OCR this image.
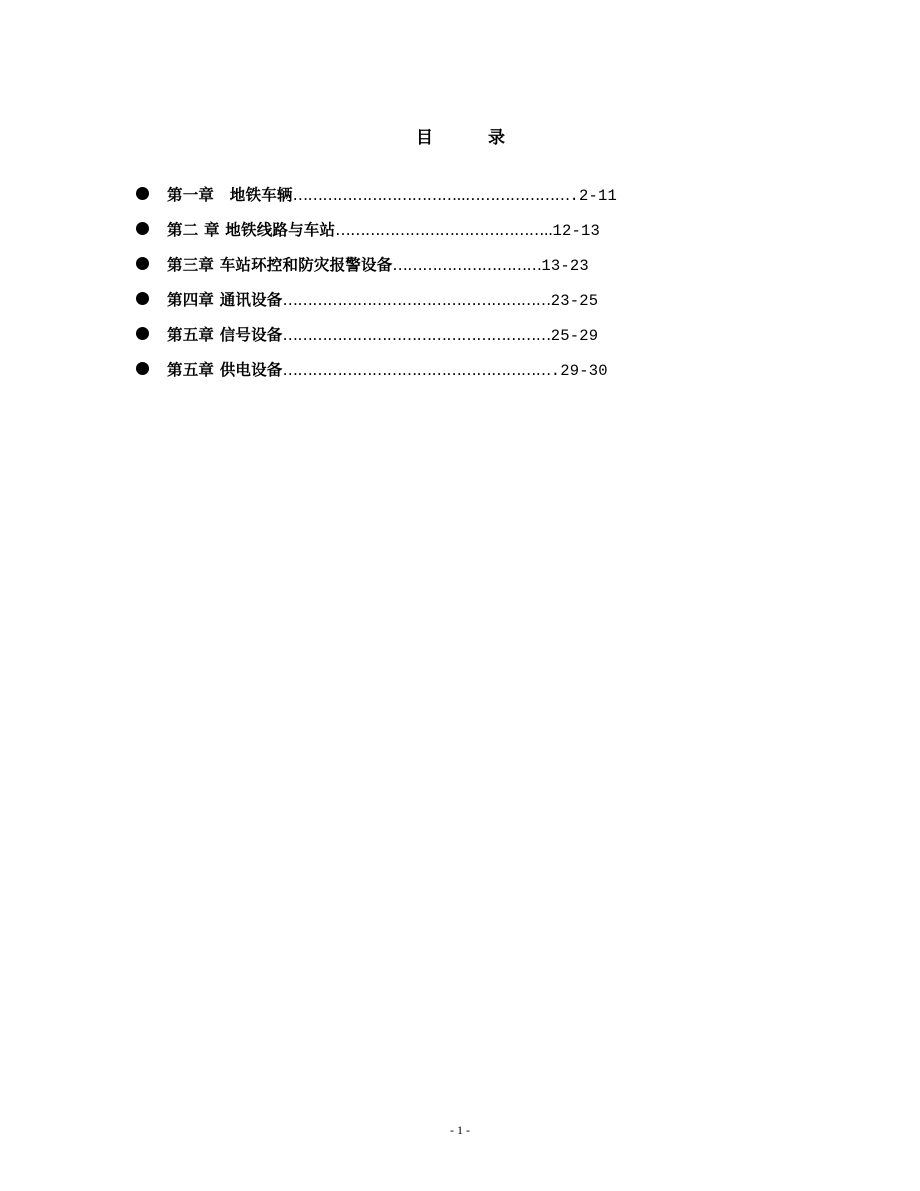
目	录
第一章　地铁车辆……………………………..………………….2-11
第二 章 地铁线路与车站……………………………………..12-13
第三章 车站环控和防灾报警设备…………………………13-23
第四章 通讯设备………………………………………………23-25
第五章 信号设备………………………………………………25-29
第五章 供电设备……………………………………………….29-30
- 1 -
